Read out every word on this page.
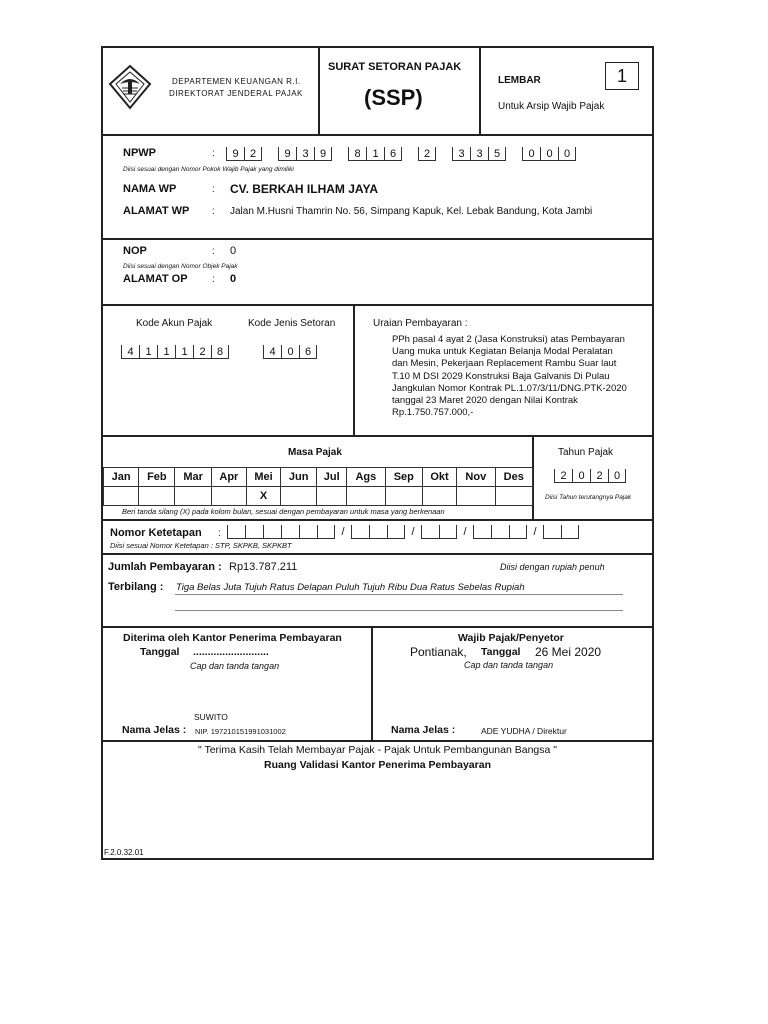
DEPARTEMEN KEUANGAN R.I.
DIREKTORAT JENDERAL PAJAK
SURAT SETORAN PAJAK
(SSP)
LEMBAR	1
Untuk Arsip Wajib Pajak
NPWP	:	9	2	9	3	9	8	1	6	2	3	3	5	0	0	0
Diisi sesuai dengan Nomor Pokok Wajib Pajak yang dimiliki
NAMA WP	: CV. BERKAH ILHAM JAYA
ALAMAT WP : Jalan M.Husni Thamrin No. 56, Simpang Kapuk, Kel. Lebak Bandung, Kota Jambi
NOP	: 0
Diisi sesuai dengan Nomor Objek Pajak
ALAMAT OP : 0
Kode Akun Pajak
4	1	1	1	2	8
Kode Jenis Setoran
4	0	6
Uraian Pembayaran :
PPh pasal 4 ayat 2 (Jasa Konstruksi) atas Pembayaran
Uang muka untuk Kegiatan Belanja Modal Peralatan
dan Mesin, Pekerjaan Replacement Rambu Suar laut
T.10 M DSI 2029 Konstruksi Baja Galvanis Di Pulau
Jangkulan Nomor Kontrak PL.1.07/3/11/DNG.PTK-2020
tanggal 23 Maret 2020 dengan Nilai Kontrak
Rp.1.750.757.000,-
Masa Pajak
Jan	Feb	Mar	Apr	Mei	Jun	Jul	Ags	Sep	Okt	Nov	Des
				X							
Beri tanda silang (X) pada kolom bulan, sesuai dengan pembayaran untuk masa yang berkenaan
Tahun Pajak
2	0	2	0
Diisi Tahun terutangnya Pajak
Nomor Ketetapan :	/	/	/	/
Diisi sesuai Nomor Ketetapan : STP, SKPKB, SKPKBT
Jumlah Pembayaran : Rp13.787.211	Diisi dengan rupiah penuh
Terbilang : Tiga Belas Juta Tujuh Ratus Delapan Puluh Tujuh Ribu Dua Ratus Sebelas Rupiah
Diterima oleh Kantor Penerima Pembayaran
Tanggal ..........................
Cap dan tanda tangan
SUWITO
Nama Jelas : NIP. 197210151991031002
Wajib Pajak/Penyetor
Pontianak, Tanggal 26 Mei 2020
Cap dan tanda tangan
Nama Jelas :	ADE YUDHA / Direktur
" Terima Kasih Telah Membayar Pajak - Pajak Untuk Pembangunan Bangsa "
Ruang Validasi Kantor Penerima Pembayaran
F.2.0.32.01
